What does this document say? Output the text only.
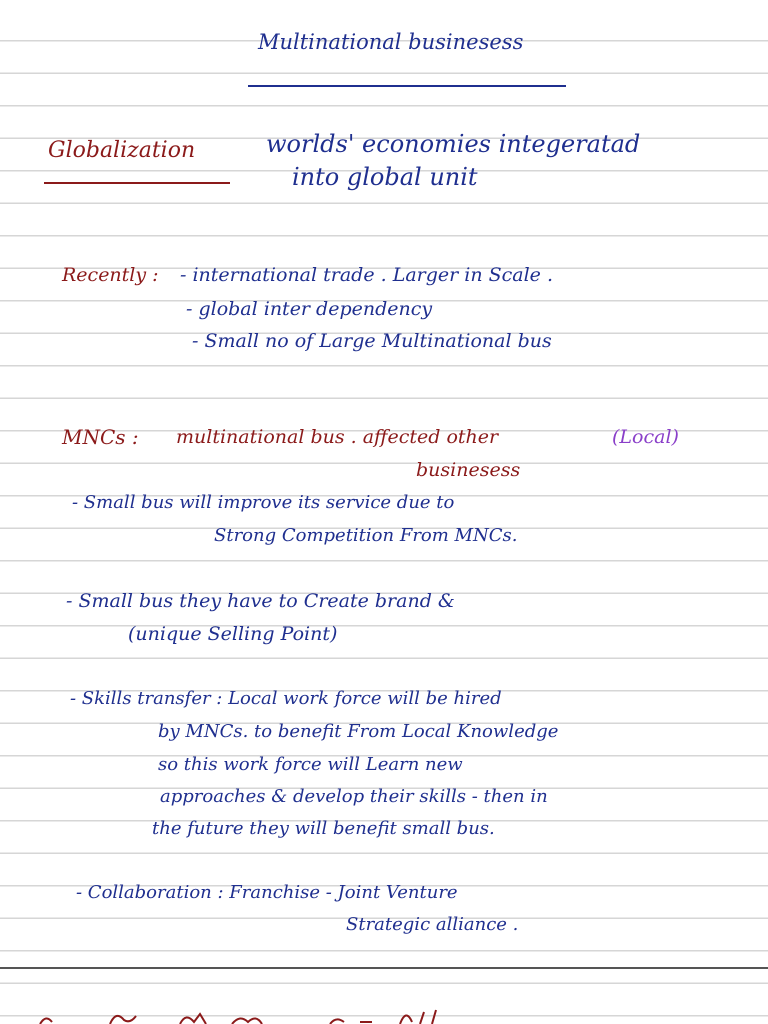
Multinational businesess
Globalization	worlds' economies integeratad
into global unit
Recently : - international trade . Larger in Scale .
- global inter dependency
- Small no of Large Multinational bus
MNCs : multinational bus . affected other	(Local)
businesess
- Small bus will improve its service due to
Strong Competition From MNCs.
- Small bus they have to Create brand &
(unique Selling Point)
- Skills transfer : Local work force will be hired
by MNCs. to benefit From Local Knowledge
so this work force will Learn new
approaches & develop their skills - then in
the future they will benefit small bus.
- Collaboration : Franchise - Joint Venture
Strategic alliance .
